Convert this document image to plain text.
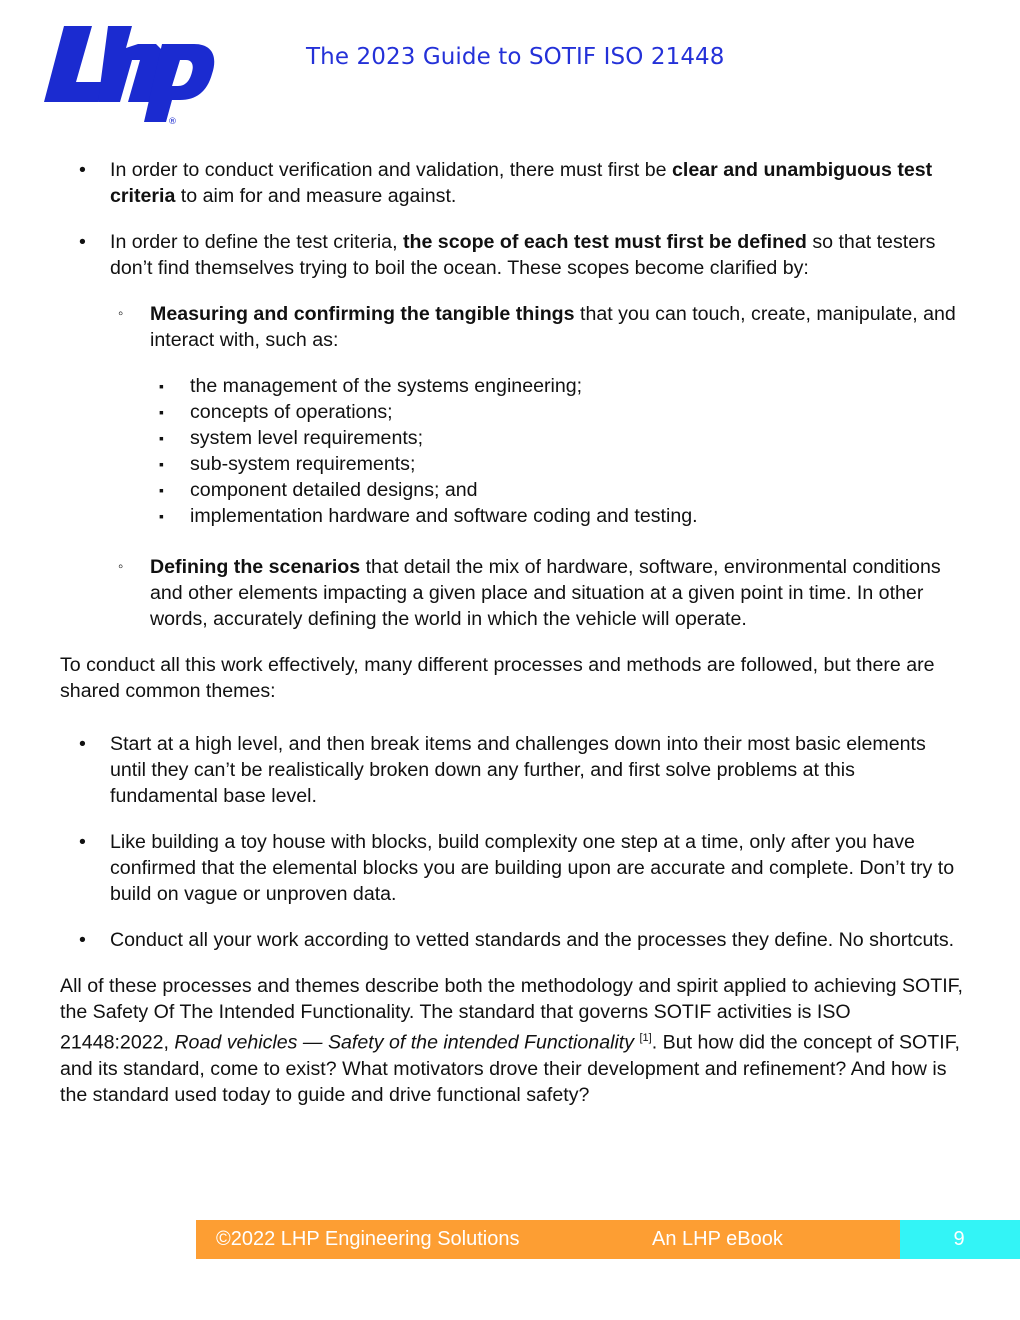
®
The 2023 Guide to SOTIF ISO 21448
• In order to conduct verification and validation, there must first be clear and unambiguous test criteria to aim for and measure against.
• In order to define the test criteria, the scope of each test must first be defined so that testers don’t find themselves trying to boil the ocean. These scopes become clarified by:
◦ Measuring and confirming the tangible things that you can touch, create, manipulate, and interact with, such as:
▪ the management of the systems engineering;
▪ concepts of operations;
▪ system level requirements;
▪ sub-system requirements;
▪ component detailed designs; and
▪ implementation hardware and software coding and testing.
◦ Defining the scenarios that detail the mix of hardware, software, environmental conditions and other elements impacting a given place and situation at a given point in time. In other words, accurately defining the world in which the vehicle will operate.
To conduct all this work effectively, many different processes and methods are followed, but there are shared common themes:
• Start at a high level, and then break items and challenges down into their most basic elements until they can’t be realistically broken down any further, and first solve problems at this fundamental base level.
• Like building a toy house with blocks, build complexity one step at a time, only after you have confirmed that the elemental blocks you are building upon are accurate and complete. Don’t try to build on vague or unproven data.
• Conduct all your work according to vetted standards and the processes they define. No shortcuts.
All of these processes and themes describe both the methodology and spirit applied to achieving SOTIF, the Safety Of The Intended Functionality. The standard that governs SOTIF activities is ISO 21448:2022, Road vehicles — Safety of the intended Functionality [1]. But how did the concept of SOTIF, and its standard, come to exist? What motivators drove their development and refinement? And how is the standard used today to guide and drive functional safety?
©2022 LHP Engineering Solutions	An LHP eBook	9
